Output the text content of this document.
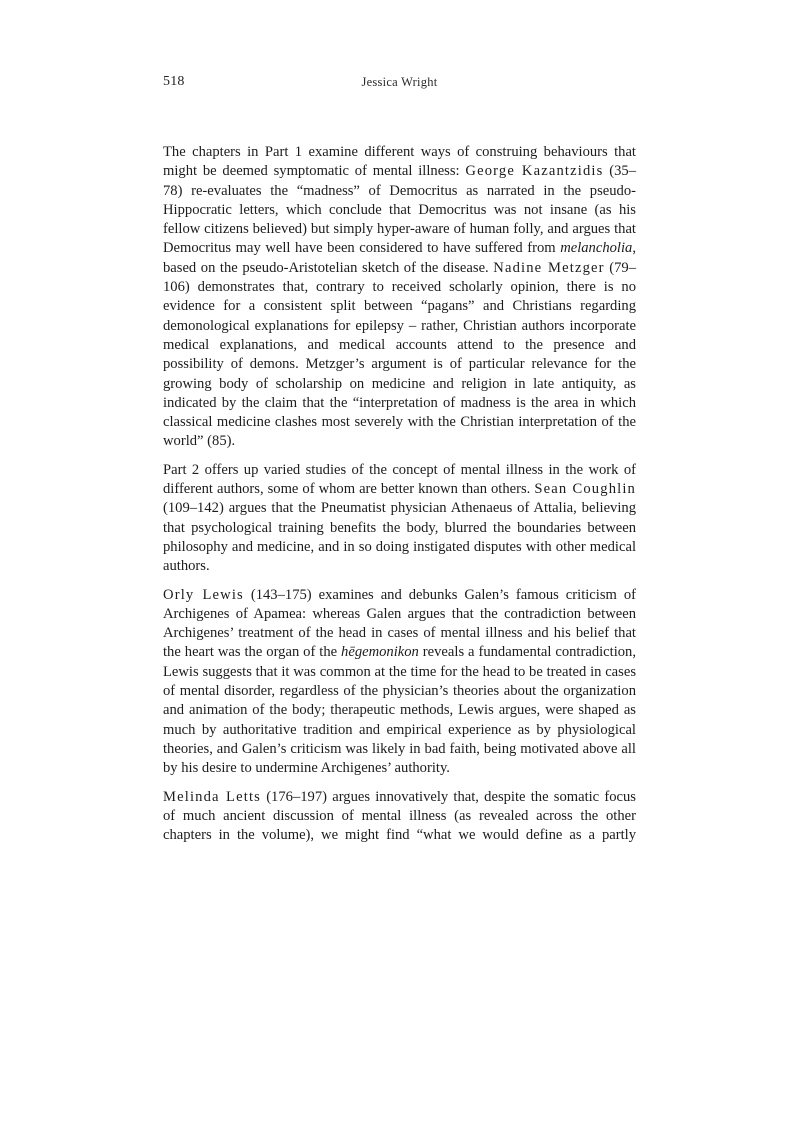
518	Jessica Wright

The chapters in Part 1 examine different ways of construing behaviours that might be deemed symptomatic of mental illness: George Kazantzidis (35–78) re-evaluates the “madness” of Democritus as narrated in the pseudo-Hippocratic letters, which conclude that Democritus was not insane (as his fellow citizens believed) but simply hyper-aware of human folly, and argues that Democritus may well have been considered to have suffered from melancholia, based on the pseudo-Aristotelian sketch of the disease. Nadine Metzger (79–106) demonstrates that, contrary to received scholarly opinion, there is no evidence for a consistent split between “pagans” and Christians regarding demonological explanations for epilepsy – rather, Christian authors incorporate medical explanations, and medical accounts attend to the presence and possibility of demons. Metzger’s argument is of particular relevance for the growing body of scholarship on medicine and religion in late antiquity, as indicated by the claim that the “interpretation of madness is the area in which classical medicine clashes most severely with the Christian interpretation of the world” (85).

Part 2 offers up varied studies of the concept of mental illness in the work of different authors, some of whom are better known than others. Sean Coughlin (109–142) argues that the Pneumatist physician Athenaeus of Attalia, believing that psychological training benefits the body, blurred the boundaries between philosophy and medicine, and in so doing instigated disputes with other medical authors.

Orly Lewis (143–175) examines and debunks Galen’s famous criticism of Archigenes of Apamea: whereas Galen argues that the contradiction between Archigenes’ treatment of the head in cases of mental illness and his belief that the heart was the organ of the hēgemonikon reveals a fundamental contradiction, Lewis suggests that it was common at the time for the head to be treated in cases of mental disorder, regardless of the physician’s theories about the organization and animation of the body; therapeutic methods, Lewis argues, were shaped as much by authoritative tradition and empirical experience as by physiological theories, and Galen’s criticism was likely in bad faith, being motivated above all by his desire to undermine Archigenes’ authority.

Melinda Letts (176–197) argues innovatively that, despite the somatic focus of much ancient discussion of mental illness (as revealed across the other chapters in the volume), we might find “what we would define as a partly
